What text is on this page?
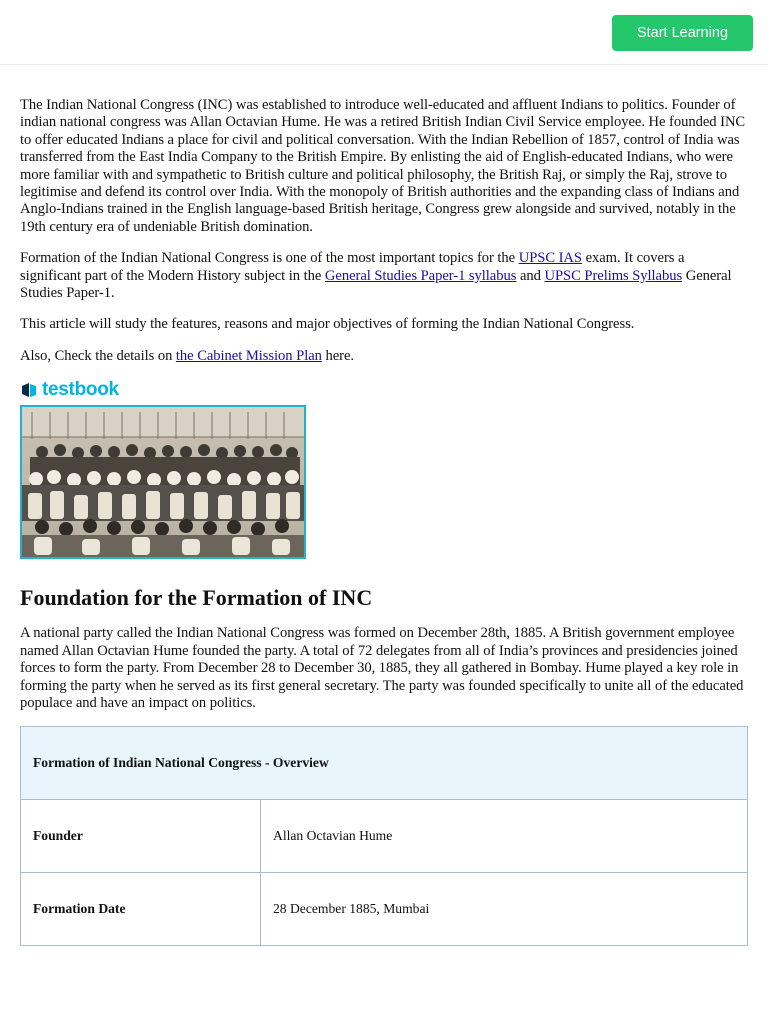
Start Learning

The Indian National Congress (INC) was established to introduce well-educated and affluent Indians to politics. Founder of indian national congress was Allan Octavian Hume. He was a retired British Indian Civil Service employee. He founded INC to offer educated Indians a place for civil and political conversation. With the Indian Rebellion of 1857, control of India was transferred from the East India Company to the British Empire. By enlisting the aid of English-educated Indians, who were more familiar with and sympathetic to British culture and political philosophy, the British Raj, or simply the Raj, strove to legitimise and defend its control over India. With the monopoly of British authorities and the expanding class of Indians and Anglo-Indians trained in the English language-based British heritage, Congress grew alongside and survived, notably in the 19th century era of undeniable British domination.

Formation of the Indian National Congress is one of the most important topics for the UPSC IAS exam. It covers a significant part of the Modern History subject in the General Studies Paper-1 syllabus and UPSC Prelims Syllabus General Studies Paper-1.

This article will study the features, reasons and major objectives of forming the Indian National Congress.

Also, Check the details on the Cabinet Mission Plan here.

testbook
Foundation for the Formation of INC

A national party called the Indian National Congress was formed on December 28th, 1885. A British government employee named Allan Octavian Hume founded the party. A total of 72 delegates from all of India’s provinces and presidencies joined forces to form the party. From December 28 to December 30, 1885, they all gathered in Bombay. Hume played a key role in forming the party when he served as its first general secretary. The party was founded specifically to unite all of the educated populace and have an impact on politics.

Formation of Indian National Congress - Overview	
Founder	Allan Octavian Hume
Formation Date	28 December 1885, Mumbai
